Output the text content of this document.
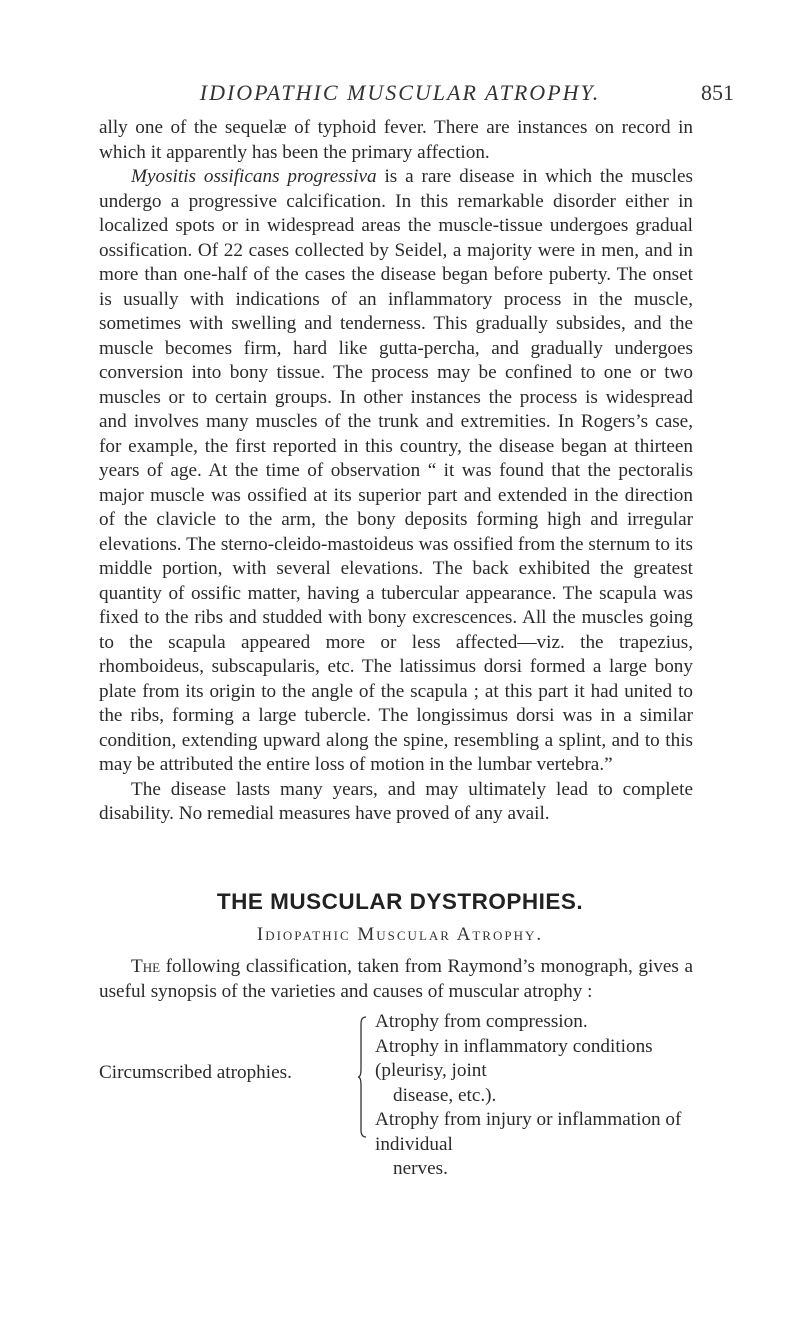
IDIOPATHIC MUSCULAR ATROPHY.	851

ally one of the sequelæ of typhoid fever. There are instances on record in which it apparently has been the primary affection.

Myositis ossificans progressiva is a rare disease in which the muscles undergo a progressive calcification. In this remarkable disorder either in localized spots or in widespread areas the muscle-tissue undergoes gradual ossification. Of 22 cases collected by Seidel, a majority were in men, and in more than one-half of the cases the disease began before puberty. The onset is usually with indications of an inflammatory process in the muscle, sometimes with swelling and tenderness. This gradually subsides, and the muscle becomes firm, hard like gutta-percha, and gradually undergoes conversion into bony tissue. The process may be confined to one or two muscles or to certain groups. In other instances the process is widespread and involves many muscles of the trunk and extremities. In Rogers’s case, for example, the first reported in this country, the disease began at thirteen years of age. At the time of observation “ it was found that the pectoralis major muscle was ossified at its superior part and extended in the direction of the clavicle to the arm, the bony deposits forming high and irregular elevations. The sterno-cleido-mastoideus was ossified from the sternum to its middle portion, with several elevations. The back exhibited the greatest quantity of ossific matter, having a tubercular appearance. The scapula was fixed to the ribs and studded with bony excrescences. All the muscles going to the scapula appeared more or less affected—viz. the trapezius, rhomboideus, subscapularis, etc. The latissimus dorsi formed a large bony plate from its origin to the angle of the scapula ; at this part it had united to the ribs, forming a large tubercle. The longissimus dorsi was in a similar condition, extending upward along the spine, resembling a splint, and to this may be attributed the entire loss of motion in the lumbar vertebra.”

The disease lasts many years, and may ultimately lead to complete disability. No remedial measures have proved of any avail.

THE MUSCULAR DYSTROPHIES.
Idiopathic Muscular Atrophy.
The following classification, taken from Raymond’s monograph, gives a useful synopsis of the varieties and causes of muscular atrophy :
Circumscribed atrophies.
Atrophy from compression.
Atrophy in inflammatory conditions (pleurisy, joint
disease, etc.).
Atrophy from injury or inflammation of individual
nerves.
